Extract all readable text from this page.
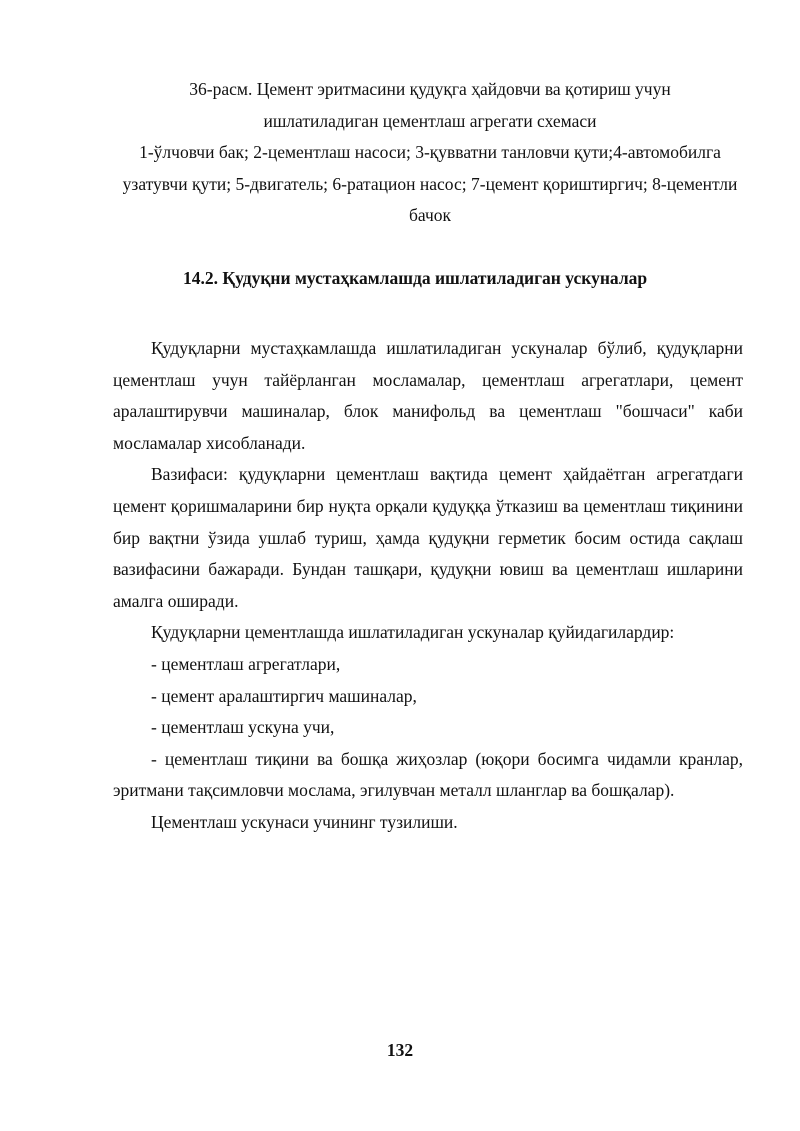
36-расм. Цемент эритмасини қудуқга ҳайдовчи ва қотириш учун

ишлатиладиган цементлаш агрегати схемаси

1-ўлчовчи бак; 2-цементлаш насоси; 3-қувватни танловчи қути;4-автомобилга узатувчи қути; 5-двигатель; 6-ратацион насос; 7-цемент қориштиргич; 8-цементли бачок

14.2. Қудуқни мустаҳкамлашда ишлатиладиган ускуналар

Қудуқларни мустаҳкамлашда ишлатиладиган ускуналар бўлиб, қудуқларни цементлаш учун тайёрланган мосламалар, цементлаш агрегатлари, цемент аралаштирувчи машиналар, блок манифольд ва цементлаш "бошчаси" каби мосламалар хисобланади.

Вазифаси: қудуқларни цементлаш вақтида цемент ҳайдаётган агрегатдаги цемент қоришмаларини бир нуқта орқали қудуққа ўтказиш ва цементлаш тиқинини бир вақтни ўзида ушлаб туриш, ҳамда қудуқни герметик босим остида сақлаш вазифасини бажаради. Бундан ташқари, қудуқни ювиш ва цементлаш ишларини амалга оширади.

Қудуқларни цементлашда ишлатиладиган ускуналар қуйидагилардир:

- цементлаш агрегатлари,

- цемент аралаштиргич машиналар,

- цементлаш ускуна учи,

- цементлаш тиқини ва бошқа жиҳозлар (юқори босимга чидамли кранлар, эритмани тақсимловчи мослама, эгилувчан металл шланглар ва бошқалар).

Цементлаш ускунаси учининг тузилиши.

132
